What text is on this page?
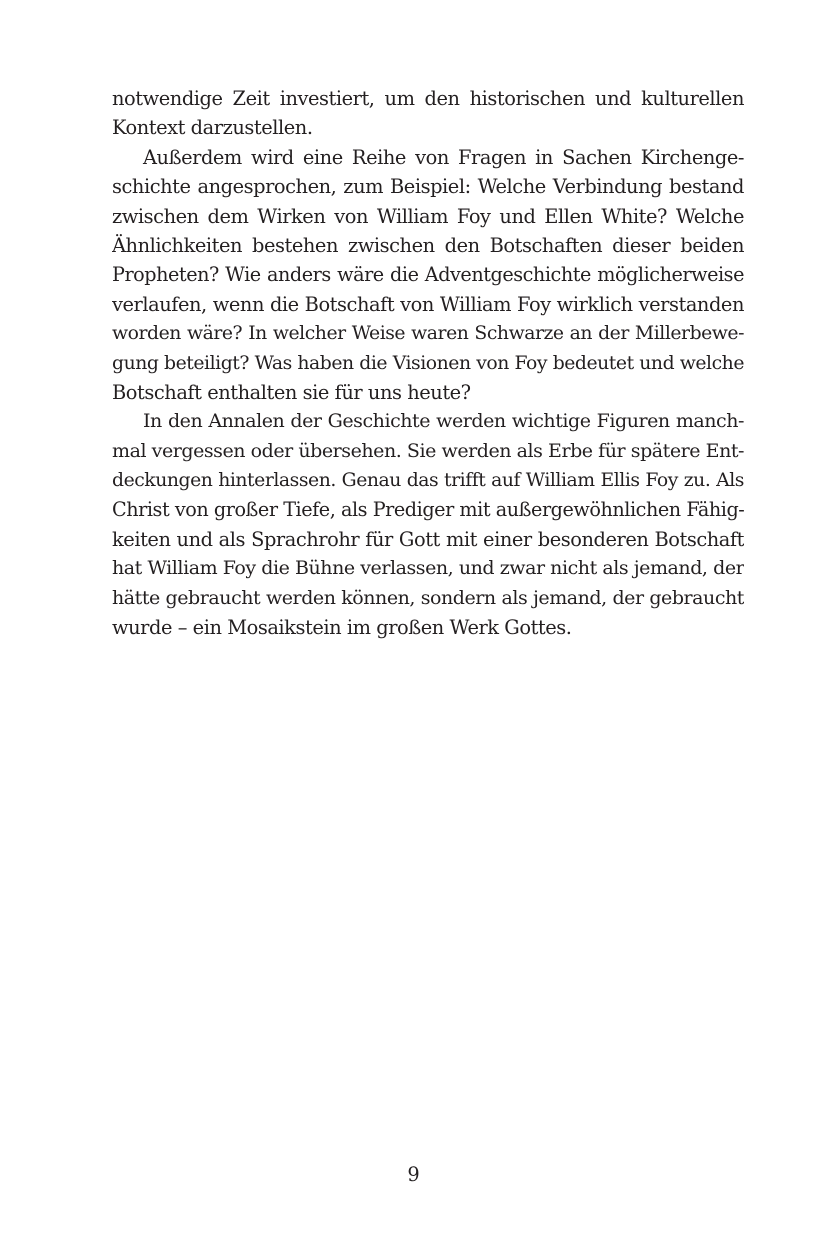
notwendige Zeit investiert, um den historischen und kulturellen
Kontext darzustellen.
Außerdem wird eine Reihe von Fragen in Sachen Kirchenge-
schichte angesprochen, zum Beispiel: Welche Verbindung bestand
zwischen dem Wirken von William Foy und Ellen White? Welche
Ähnlichkeiten bestehen zwischen den Botschaften dieser beiden
Propheten? Wie anders wäre die Adventgeschichte möglicherweise
verlaufen, wenn die Botschaft von William Foy wirklich verstanden
worden wäre? In welcher Weise waren Schwarze an der Millerbewe-
gung beteiligt? Was haben die Visionen von Foy bedeutet und welche
Botschaft enthalten sie für uns heute?
In den Annalen der Geschichte werden wichtige Figuren manch-
mal vergessen oder übersehen. Sie werden als Erbe für spätere Ent-
deckungen hinterlassen. Genau das trifft auf William Ellis Foy zu. Als
Christ von großer Tiefe, als Prediger mit außergewöhnlichen Fähig-
keiten und als Sprachrohr für Gott mit einer besonderen Botschaft
hat William Foy die Bühne verlassen, und zwar nicht als jemand, der
hätte gebraucht werden können, sondern als jemand, der gebraucht
wurde – ein Mosaikstein im großen Werk Gottes.
9
